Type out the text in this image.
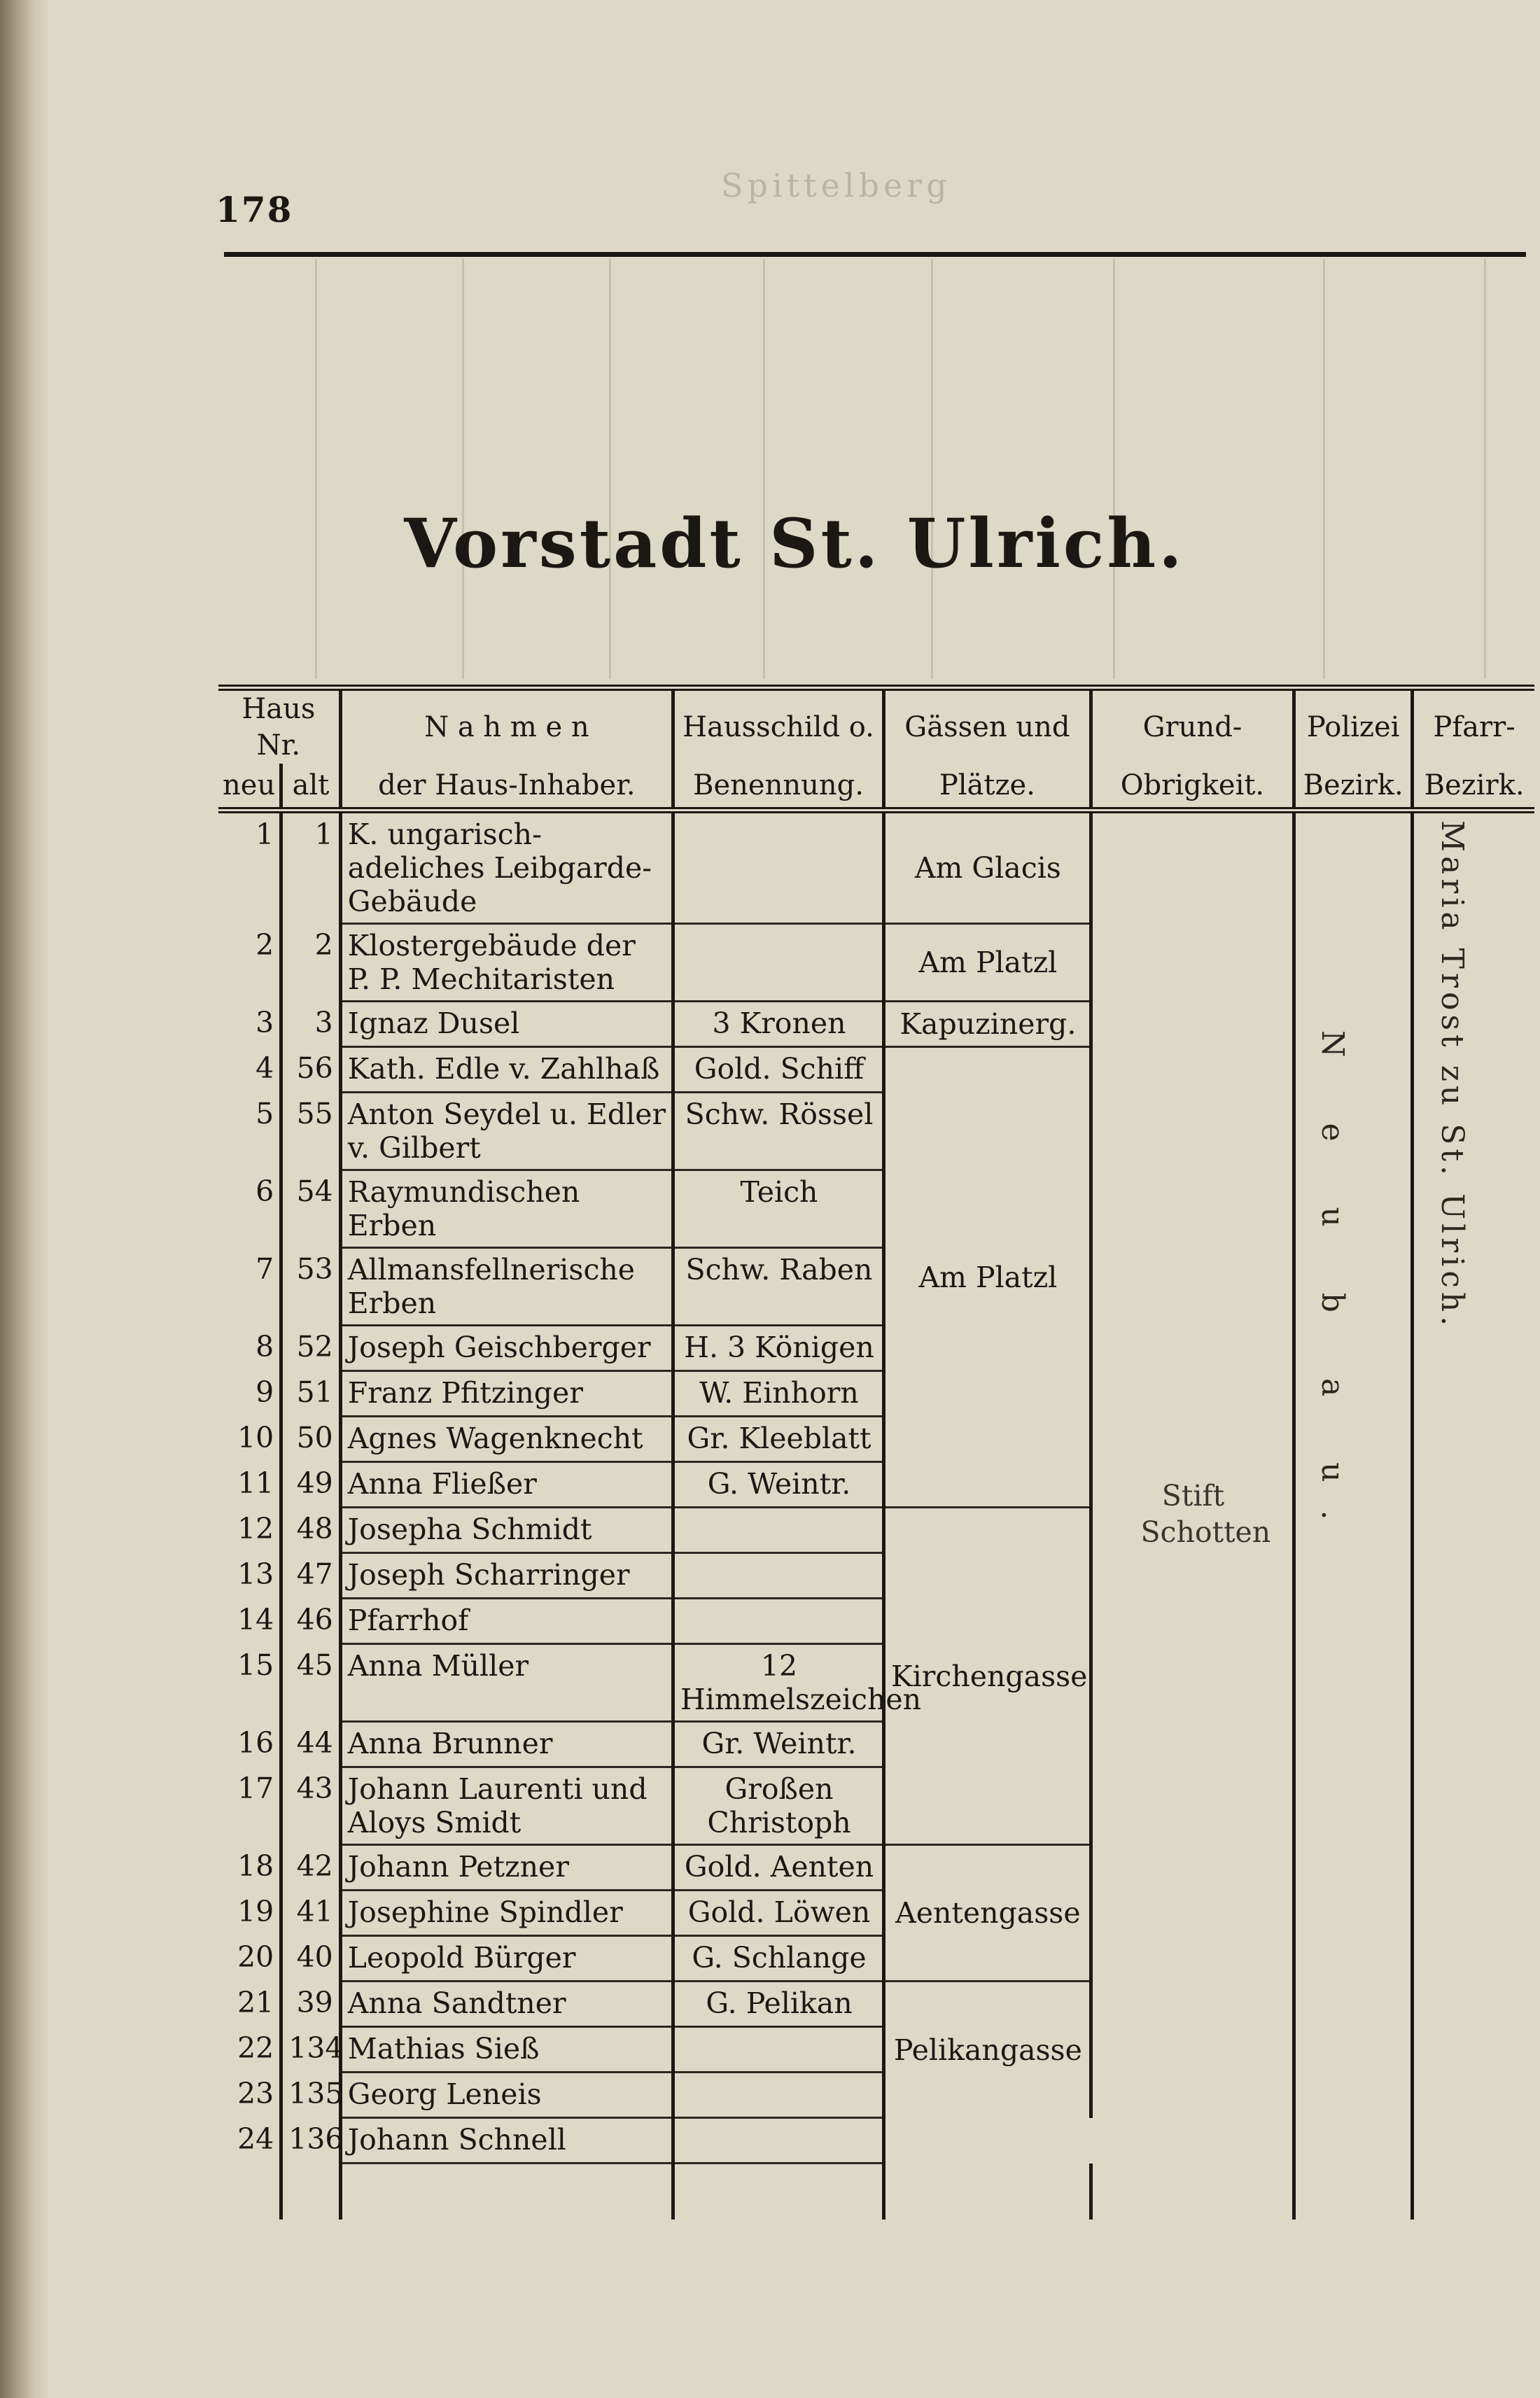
178
Spittelberg
Vorstadt St. Ulrich.
Haus Nr.		N a h m e n	Hausschild o.	Gässen und	Grund-	Polizei	Pfarr-
neu	alt	der Haus-Inhaber.	Benennung.	Plätze.	Obrigkeit.	Bezirk.	Bezirk.
1	1	K. ungarisch-adeliches Leibgarde-Gebäude		Am Glacis	Stift Schotten	N e u b a u.	Maria Trost zu St. Ulrich.

2	2	Klostergebäude der P. P. Mechitaristen		Am Platzl			
3	3	Ignaz Dusel	3 Kronen	Kapuzinerg.			
4	56	Kath. Edle v. Zahlhaß	Gold. Schiff	Am Platzl			
5	55	Anton Seydel u. Edler v. Gilbert	Schw. Rössel				
6	54	Raymundischen Erben	Teich				
7	53	Allmansfellnerische Erben	Schw. Raben				
8	52	Joseph Geischberger	H. 3 Königen				
9	51	Franz Pfitzinger	W. Einhorn				
10	50	Agnes Wagenknecht	Gr. Kleeblatt				
11	49	Anna Fließer	G. Weintr.				
12	48	Josepha Schmidt		Kirchengasse			
13	47	Joseph Scharringer					
14	46	Pfarrhof					
15	45	Anna Müller	12 Himmelszeichen				
16	44	Anna Brunner	Gr. Weintr.				
17	43	Johann Laurenti und Aloys Smidt	Großen Christoph				
18	42	Johann Petzner	Gold. Aenten	Aentengasse			
19	41	Josephine Spindler	Gold. Löwen				
20	40	Leopold Bürger	G. Schlange				
21	39	Anna Sandtner	G. Pelikan	Pelikangasse			
22	134	Mathias Sieß					
23	135	Georg Leneis					
24	136	Johann Schnell					
